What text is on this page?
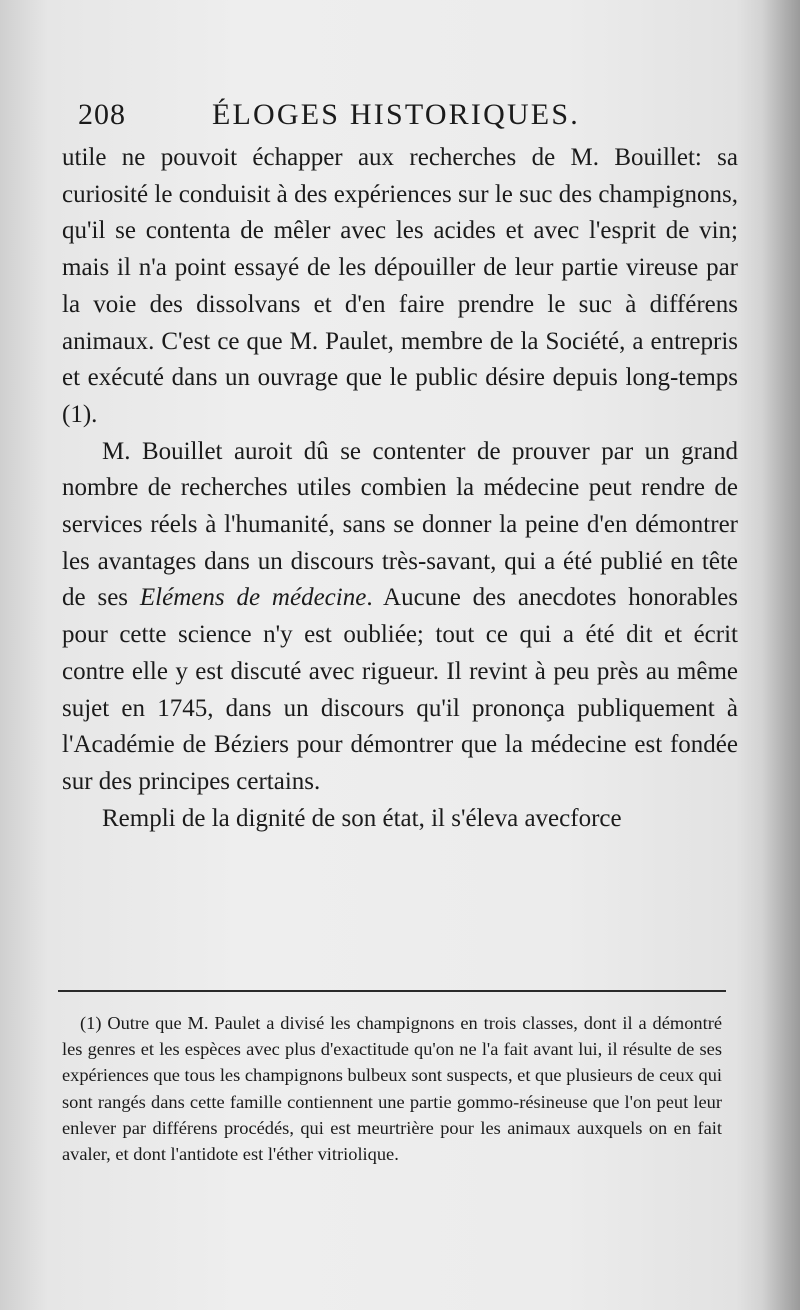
208	ÉLOGES HISTORIQUES.

utile ne pouvoit échapper aux recherches de M. Bouillet: sa curiosité le conduisit à des expériences sur le suc des champignons, qu'il se contenta de mêler avec les acides et avec l'esprit de vin; mais il n'a point essayé de les dépouiller de leur partie vireuse par la voie des dissolvans et d'en faire prendre le suc à différens animaux. C'est ce que M. Paulet, membre de la Société, a entrepris et exécuté dans un ouvrage que le public désire depuis long-temps (1).

M. Bouillet auroit dû se contenter de prouver par un grand nombre de recherches utiles combien la médecine peut rendre de services réels à l'humanité, sans se donner la peine d'en démontrer les avantages dans un discours très-savant, qui a été publié en tête de ses Elémens de médecine. Aucune des anecdotes honorables pour cette science n'y est oubliée; tout ce qui a été dit et écrit contre elle y est discuté avec rigueur. Il revint à peu près au même sujet en 1745, dans un discours qu'il prononça publiquement à l'Académie de Béziers pour démontrer que la médecine est fondée sur des principes certains.

Rempli de la dignité de son état, il s'éleva avecforce

(1) Outre que M. Paulet a divisé les champignons en trois classes, dont il a démontré les genres et les espèces avec plus d'exactitude qu'on ne l'a fait avant lui, il résulte de ses expériences que tous les champignons bulbeux sont suspects, et que plusieurs de ceux qui sont rangés dans cette famille contiennent une partie gommo-résineuse que l'on peut leur enlever par différens procédés, qui est meurtrière pour les animaux auxquels on en fait avaler, et dont l'antidote est l'éther vitriolique.
